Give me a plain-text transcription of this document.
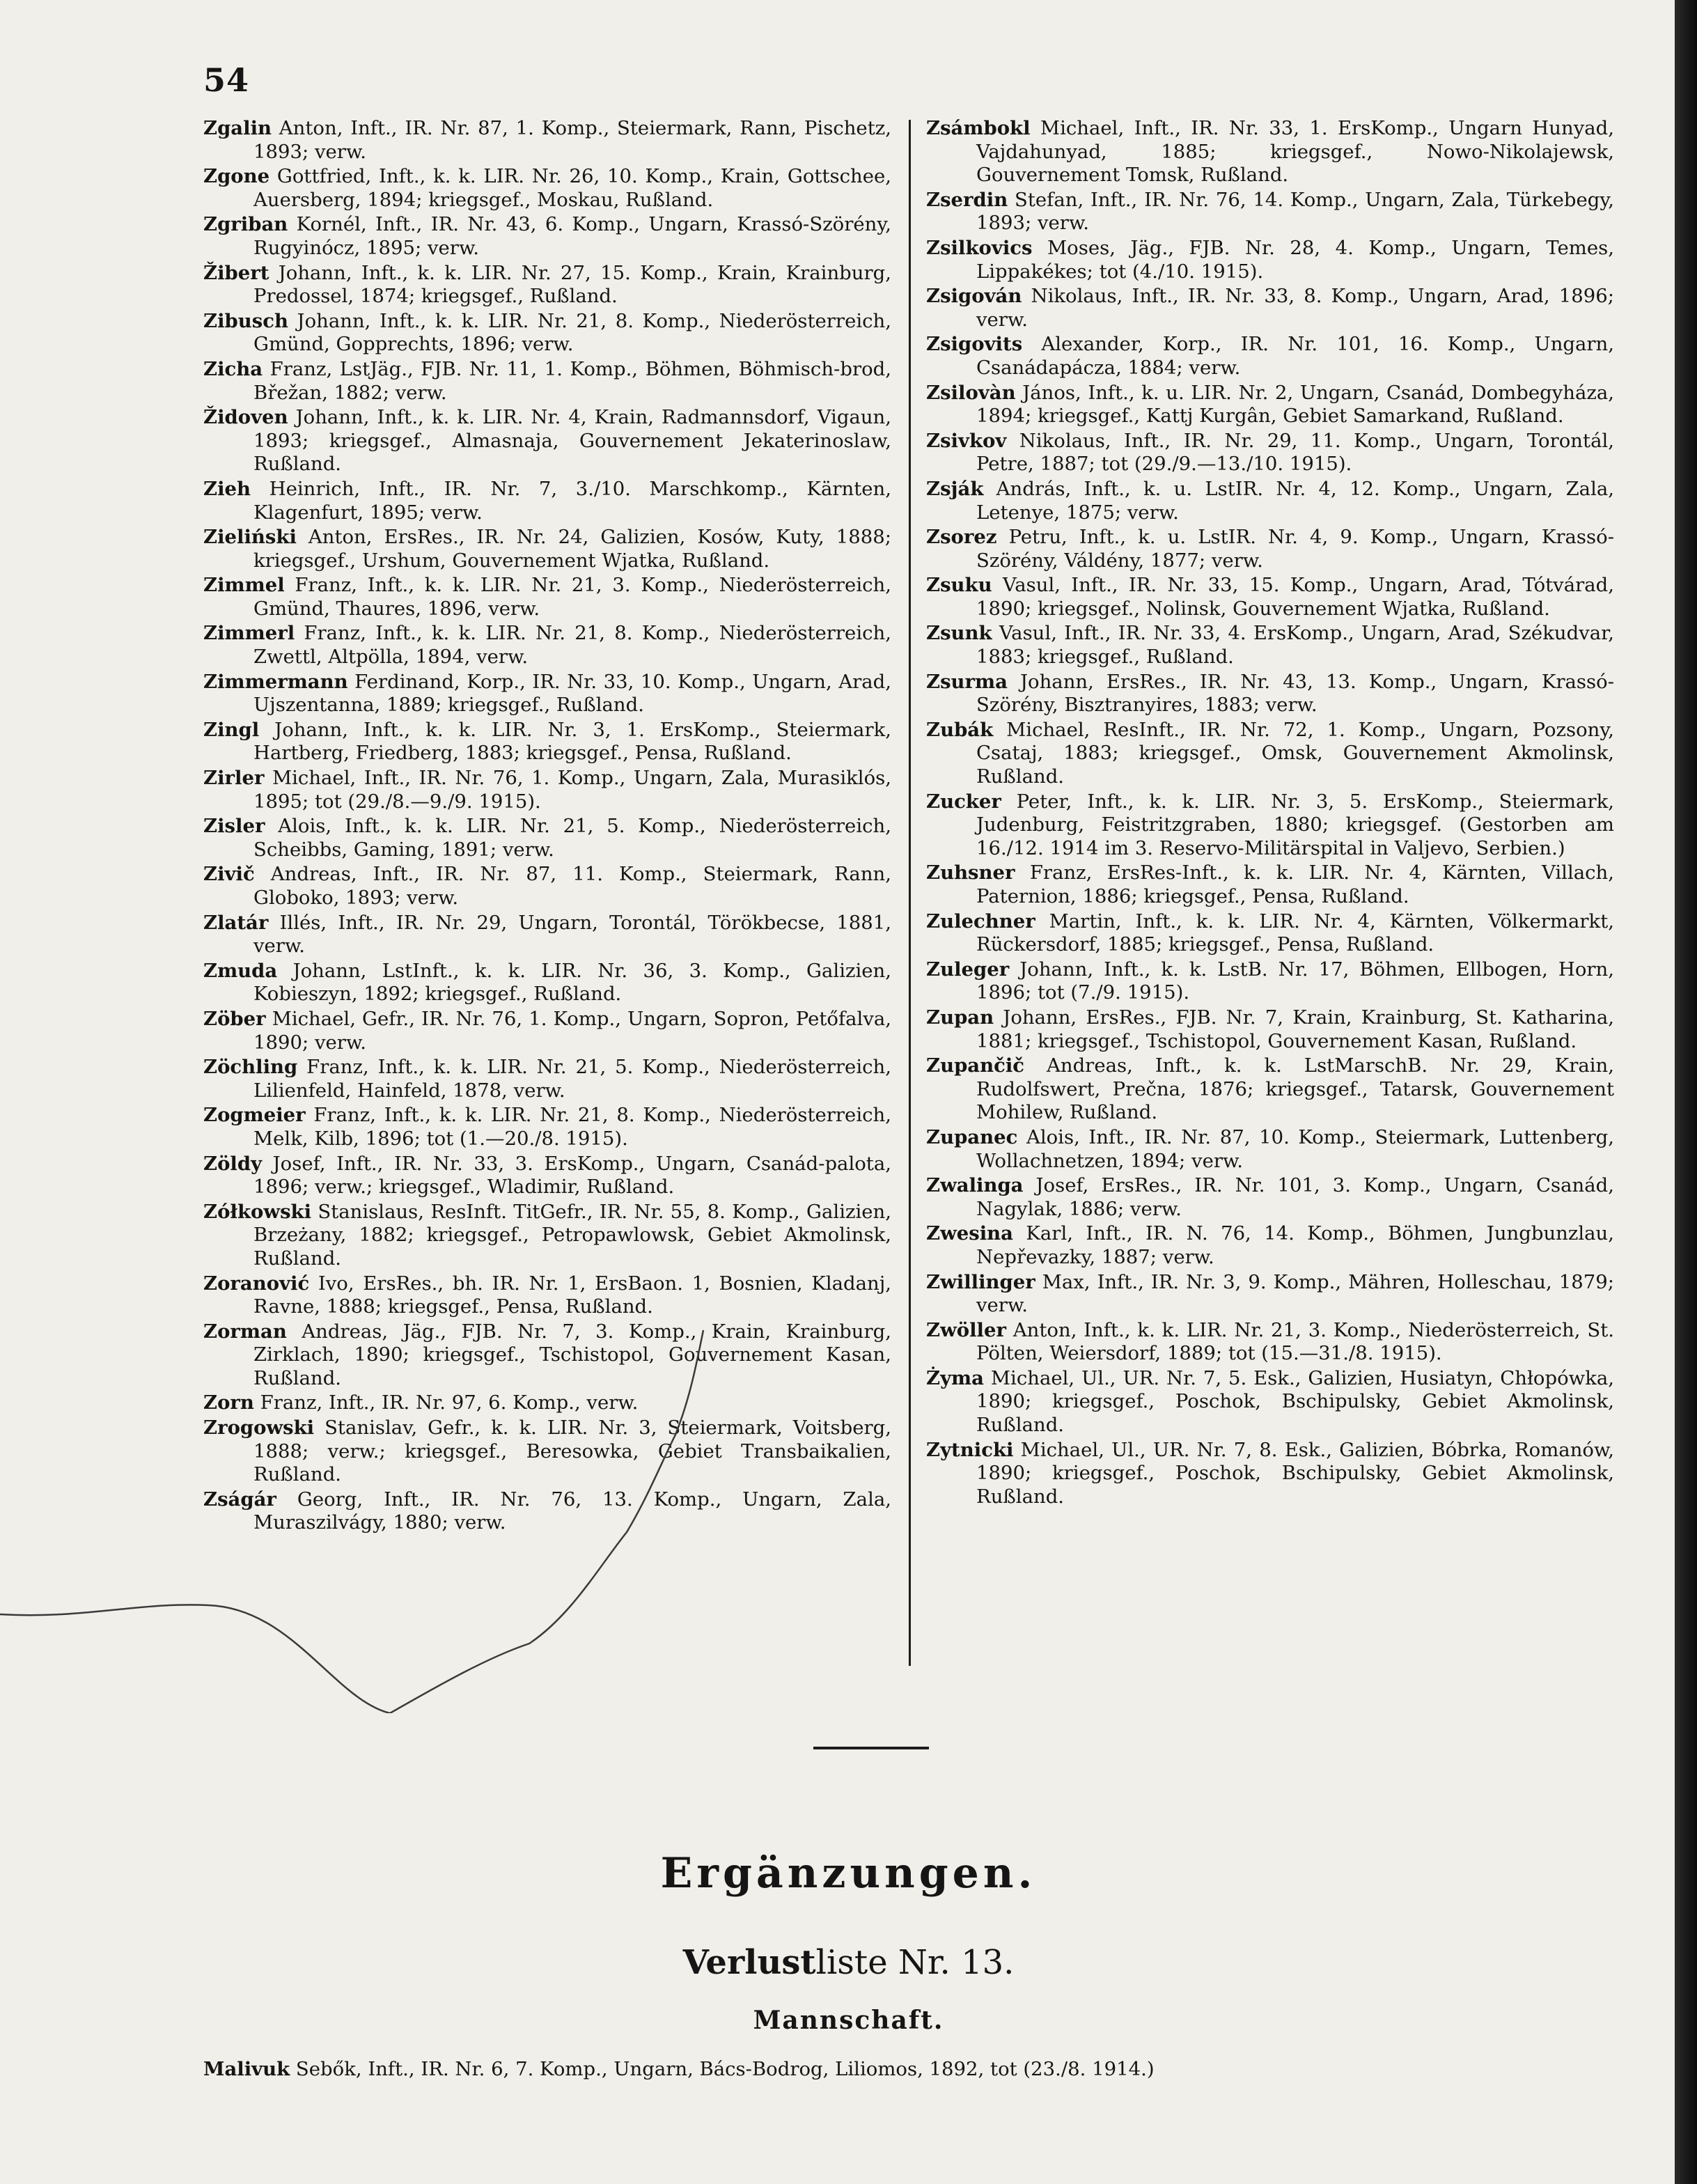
54

Zgalin Anton, Inft., IR. Nr. 87, 1. Komp., Steiermark, Rann, Pischetz, 1893; verw.

Zgone Gottfried, Inft., k. k. LIR. Nr. 26, 10. Komp., Krain, Gottschee, Auersberg, 1894; kriegsgef., Moskau, Rußland.

Zgriban Kornél, Inft., IR. Nr. 43, 6. Komp., Ungarn, Krassó-Szörény, Rugyinócz, 1895; verw.

Žibert Johann, Inft., k. k. LIR. Nr. 27, 15. Komp., Krain, Krainburg, Predossel, 1874; kriegsgef., Rußland.

Zibusch Johann, Inft., k. k. LIR. Nr. 21, 8. Komp., Niederösterreich, Gmünd, Gopprechts, 1896; verw.

Zicha Franz, LstJäg., FJB. Nr. 11, 1. Komp., Böhmen, Böhmisch-brod, Břežan, 1882; verw.

Židoven Johann, Inft., k. k. LIR. Nr. 4, Krain, Radmannsdorf, Vigaun, 1893; kriegsgef., Almasnaja, Gouvernement Jekaterinoslaw, Rußland.

Zieh Heinrich, Inft., IR. Nr. 7, 3./10. Marschkomp., Kärnten, Klagenfurt, 1895; verw.

Zieliński Anton, ErsRes., IR. Nr. 24, Galizien, Kosów, Kuty, 1888; kriegsgef., Urshum, Gouvernement Wjatka, Rußland.

Zimmel Franz, Inft., k. k. LIR. Nr. 21, 3. Komp., Niederösterreich, Gmünd, Thaures, 1896, verw.

Zimmerl Franz, Inft., k. k. LIR. Nr. 21, 8. Komp., Niederösterreich, Zwettl, Altpölla, 1894, verw.

Zimmermann Ferdinand, Korp., IR. Nr. 33, 10. Komp., Ungarn, Arad, Ujszentanna, 1889; kriegsgef., Rußland.

Zingl Johann, Inft., k. k. LIR. Nr. 3, 1. ErsKomp., Steiermark, Hartberg, Friedberg, 1883; kriegsgef., Pensa, Rußland.

Zirler Michael, Inft., IR. Nr. 76, 1. Komp., Ungarn, Zala, Murasiklós, 1895; tot (29./8.—9./9. 1915).

Zisler Alois, Inft., k. k. LIR. Nr. 21, 5. Komp., Niederösterreich, Scheibbs, Gaming, 1891; verw.

Zivič Andreas, Inft., IR. Nr. 87, 11. Komp., Steiermark, Rann, Globoko, 1893; verw.

Zlatár Illés, Inft., IR. Nr. 29, Ungarn, Torontál, Törökbecse, 1881, verw.

Zmuda Johann, LstInft., k. k. LIR. Nr. 36, 3. Komp., Galizien, Kobieszyn, 1892; kriegsgef., Rußland.

Zöber Michael, Gefr., IR. Nr. 76, 1. Komp., Ungarn, Sopron, Petőfalva, 1890; verw.

Zöchling Franz, Inft., k. k. LIR. Nr. 21, 5. Komp., Niederösterreich, Lilienfeld, Hainfeld, 1878, verw.

Zogmeier Franz, Inft., k. k. LIR. Nr. 21, 8. Komp., Niederösterreich, Melk, Kilb, 1896; tot (1.—20./8. 1915).

Zöldy Josef, Inft., IR. Nr. 33, 3. ErsKomp., Ungarn, Csanád-palota, 1896; verw.; kriegsgef., Wladimir, Rußland.

Zółkowski Stanislaus, ResInft. TitGefr., IR. Nr. 55, 8. Komp., Galizien, Brzeżany, 1882; kriegsgef., Petropawlowsk, Gebiet Akmolinsk, Rußland.

Zoranović Ivo, ErsRes., bh. IR. Nr. 1, ErsBaon. 1, Bosnien, Kladanj, Ravne, 1888; kriegsgef., Pensa, Rußland.

Zorman Andreas, Jäg., FJB. Nr. 7, 3. Komp., Krain, Krainburg, Zirklach, 1890; kriegsgef., Tschistopol, Gouvernement Kasan, Rußland.

Zorn Franz, Inft., IR. Nr. 97, 6. Komp., verw.

Zrogowski Stanislav, Gefr., k. k. LIR. Nr. 3, Steiermark, Voitsberg, 1888; verw.; kriegsgef., Beresowka, Gebiet Transbaikalien, Rußland.

Zságár Georg, Inft., IR. Nr. 76, 13. Komp., Ungarn, Zala, Muraszilvágy, 1880; verw.

Zsámbokl Michael, Inft., IR. Nr. 33, 1. ErsKomp., Ungarn Hunyad, Vajdahunyad, 1885; kriegsgef., Nowo-Nikolajewsk, Gouvernement Tomsk, Rußland.

Zserdin Stefan, Inft., IR. Nr. 76, 14. Komp., Ungarn, Zala, Türkebegy, 1893; verw.

Zsilkovics Moses, Jäg., FJB. Nr. 28, 4. Komp., Ungarn, Temes, Lippakékes; tot (4./10. 1915).

Zsigován Nikolaus, Inft., IR. Nr. 33, 8. Komp., Ungarn, Arad, 1896; verw.

Zsigovits Alexander, Korp., IR. Nr. 101, 16. Komp., Ungarn, Csanádapácza, 1884; verw.

Zsilovàn János, Inft., k. u. LIR. Nr. 2, Ungarn, Csanád, Dombegyháza, 1894; kriegsgef., Kattj Kurgân, Gebiet Samarkand, Rußland.

Zsivkov Nikolaus, Inft., IR. Nr. 29, 11. Komp., Ungarn, Torontál, Petre, 1887; tot (29./9.—13./10. 1915).

Zsják András, Inft., k. u. LstIR. Nr. 4, 12. Komp., Ungarn, Zala, Letenye, 1875; verw.

Zsorez Petru, Inft., k. u. LstIR. Nr. 4, 9. Komp., Ungarn, Krassó-Szörény, Váldény, 1877; verw.

Zsuku Vasul, Inft., IR. Nr. 33, 15. Komp., Ungarn, Arad, Tótvárad, 1890; kriegsgef., Nolinsk, Gouvernement Wjatka, Rußland.

Zsunk Vasul, Inft., IR. Nr. 33, 4. ErsKomp., Ungarn, Arad, Székudvar, 1883; kriegsgef., Rußland.

Zsurma Johann, ErsRes., IR. Nr. 43, 13. Komp., Ungarn, Krassó-Szörény, Bisztranyires, 1883; verw.

Zubák Michael, ResInft., IR. Nr. 72, 1. Komp., Ungarn, Pozsony, Csataj, 1883; kriegsgef., Omsk, Gouvernement Akmolinsk, Rußland.

Zucker Peter, Inft., k. k. LIR. Nr. 3, 5. ErsKomp., Steiermark, Judenburg, Feistritzgraben, 1880; kriegsgef. (Gestorben am 16./12. 1914 im 3. Reservo-Militärspital in Valjevo, Serbien.)

Zuhsner Franz, ErsRes-Inft., k. k. LIR. Nr. 4, Kärnten, Villach, Paternion, 1886; kriegsgef., Pensa, Rußland.

Zulechner Martin, Inft., k. k. LIR. Nr. 4, Kärnten, Völkermarkt, Rückersdorf, 1885; kriegsgef., Pensa, Rußland.

Zuleger Johann, Inft., k. k. LstB. Nr. 17, Böhmen, Ellbogen, Horn, 1896; tot (7./9. 1915).

Zupan Johann, ErsRes., FJB. Nr. 7, Krain, Krainburg, St. Katharina, 1881; kriegsgef., Tschistopol, Gouvernement Kasan, Rußland.

Zupančič Andreas, Inft., k. k. LstMarschB. Nr. 29, Krain, Rudolfswert, Prečna, 1876; kriegsgef., Tatarsk, Gouvernement Mohilew, Rußland.

Zupanec Alois, Inft., IR. Nr. 87, 10. Komp., Steiermark, Luttenberg, Wollachnetzen, 1894; verw.

Zwalinga Josef, ErsRes., IR. Nr. 101, 3. Komp., Ungarn, Csanád, Nagylak, 1886; verw.

Zwesina Karl, Inft., IR. N. 76, 14. Komp., Böhmen, Jungbunzlau, Nepřevazky, 1887; verw.

Zwillinger Max, Inft., IR. Nr. 3, 9. Komp., Mähren, Holleschau, 1879; verw.

Zwöller Anton, Inft., k. k. LIR. Nr. 21, 3. Komp., Niederösterreich, St. Pölten, Weiersdorf, 1889; tot (15.—31./8. 1915).

Żyma Michael, Ul., UR. Nr. 7, 5. Esk., Galizien, Husiatyn, Chłopówka, 1890; kriegsgef., Poschok, Bschipulsky, Gebiet Akmolinsk, Rußland.

Zytnicki Michael, Ul., UR. Nr. 7, 8. Esk., Galizien, Bóbrka, Romanów, 1890; kriegsgef., Poschok, Bschipulsky, Gebiet Akmolinsk, Rußland.

Ergänzungen.
Verlustliste Nr. 13.
Mannschaft.
Malivuk Sebők, Inft., IR. Nr. 6, 7. Komp., Ungarn, Bács-Bodrog, Liliomos, 1892, tot (23./8. 1914.)
